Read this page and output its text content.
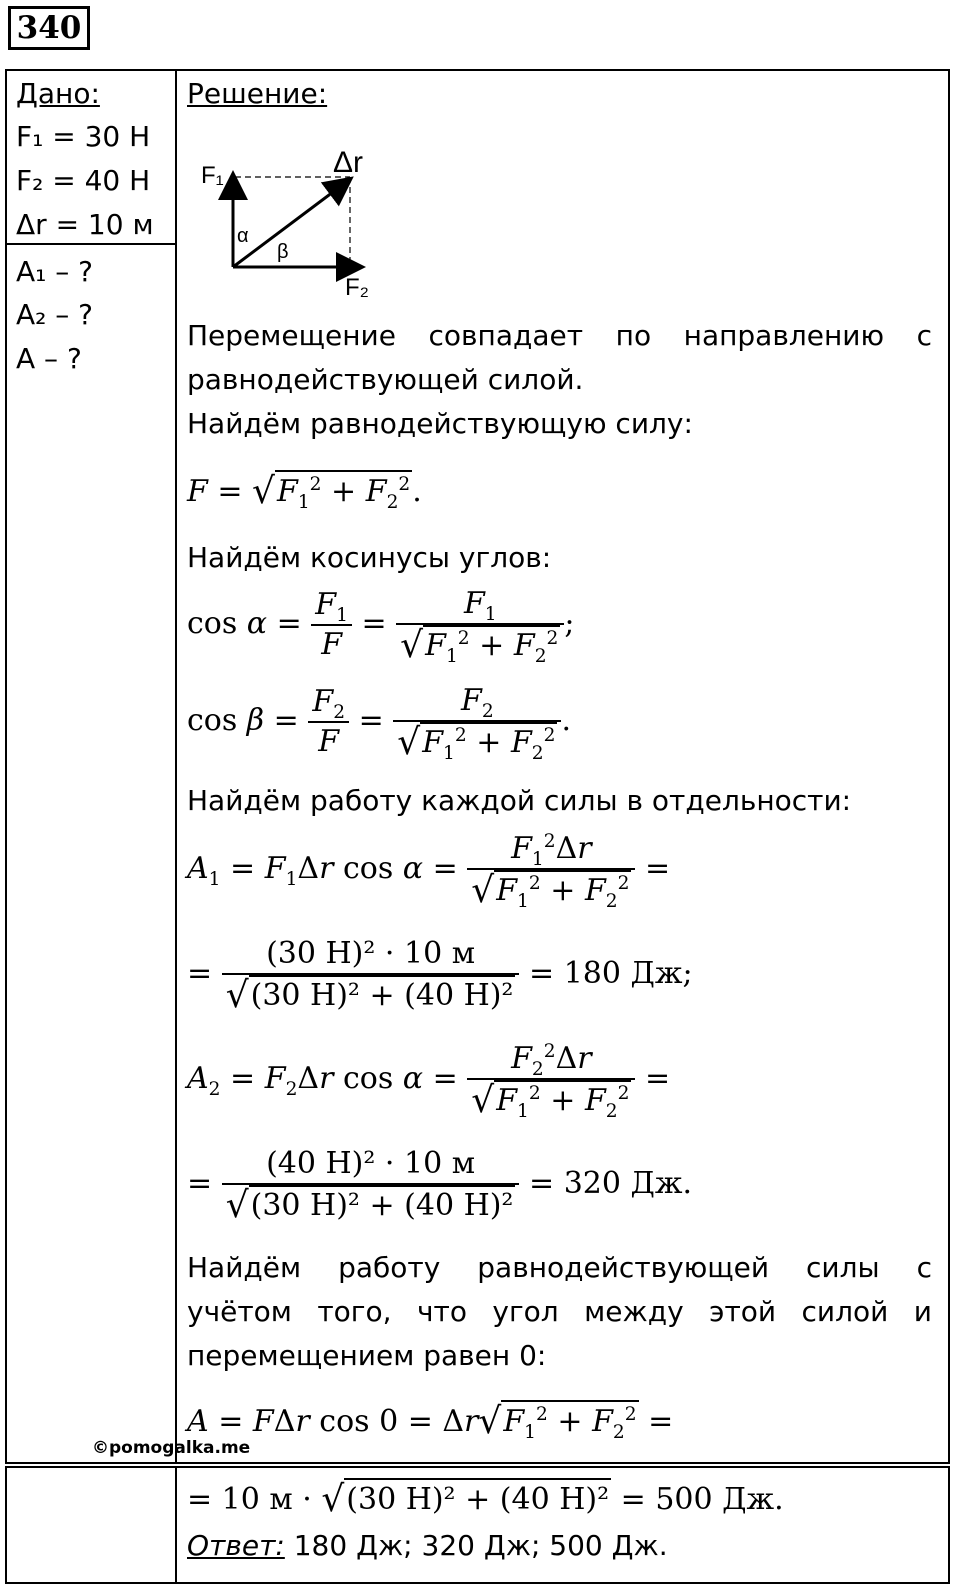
340
Дано:
F₁ = 30 Н
F₂ = 40 Н
Δr = 10 м
A₁ – ?
A₂ – ?
A – ?
Решение:
F₁
F₂
Δr
α
β
Перемещение совпадает по направлению с равнодействующей силой.
Найдём равнодействующую силу:
$F = √F_1^2 + F_2^2$.
Найдём косинусы углов:
$\cos \alpha = \frac{F_1}{F} = \frac{F_1}{√F_1^2 + F_2^2}$ ;
$\cos \beta = \frac{F_2}{F} = \frac{F_2}{√F_1^2 + F_2^2}$ .
Найдём работу каждой силы в отдельности:
$A_1 = F_1\Delta r$ $\cos \alpha = \frac{F_1^2\Delta r}{√F_1^2 + F_2^2}$ =
= $\frac{\text{(30 Н)² · 10 м}}{\text{√(30 Н)² + (40 Н)²}} = 180$ Дж;
$A_2 = F_2\Delta r$ $\cos \alpha = \frac{F_2^2\Delta r}{√F_1^2 + F_2^2}$ =
= $\frac{\text{(40 Н)² · 10 м}}{\text{√(30 Н)² + (40 Н)²}} = 320$ Дж.
Найдём работу равнодействующей силы с учётом того, что угол между этой силой и перемещением равен 0:
A = FΔr $\cos 0 = \Delta r√F_1^2 + F_2^2$ =
©pomogalka.me
= 10 м · √(30 Н)² + (40 Н)² = 500 Дж.
Ответ: 180 Дж; 320 Дж; 500 Дж.
